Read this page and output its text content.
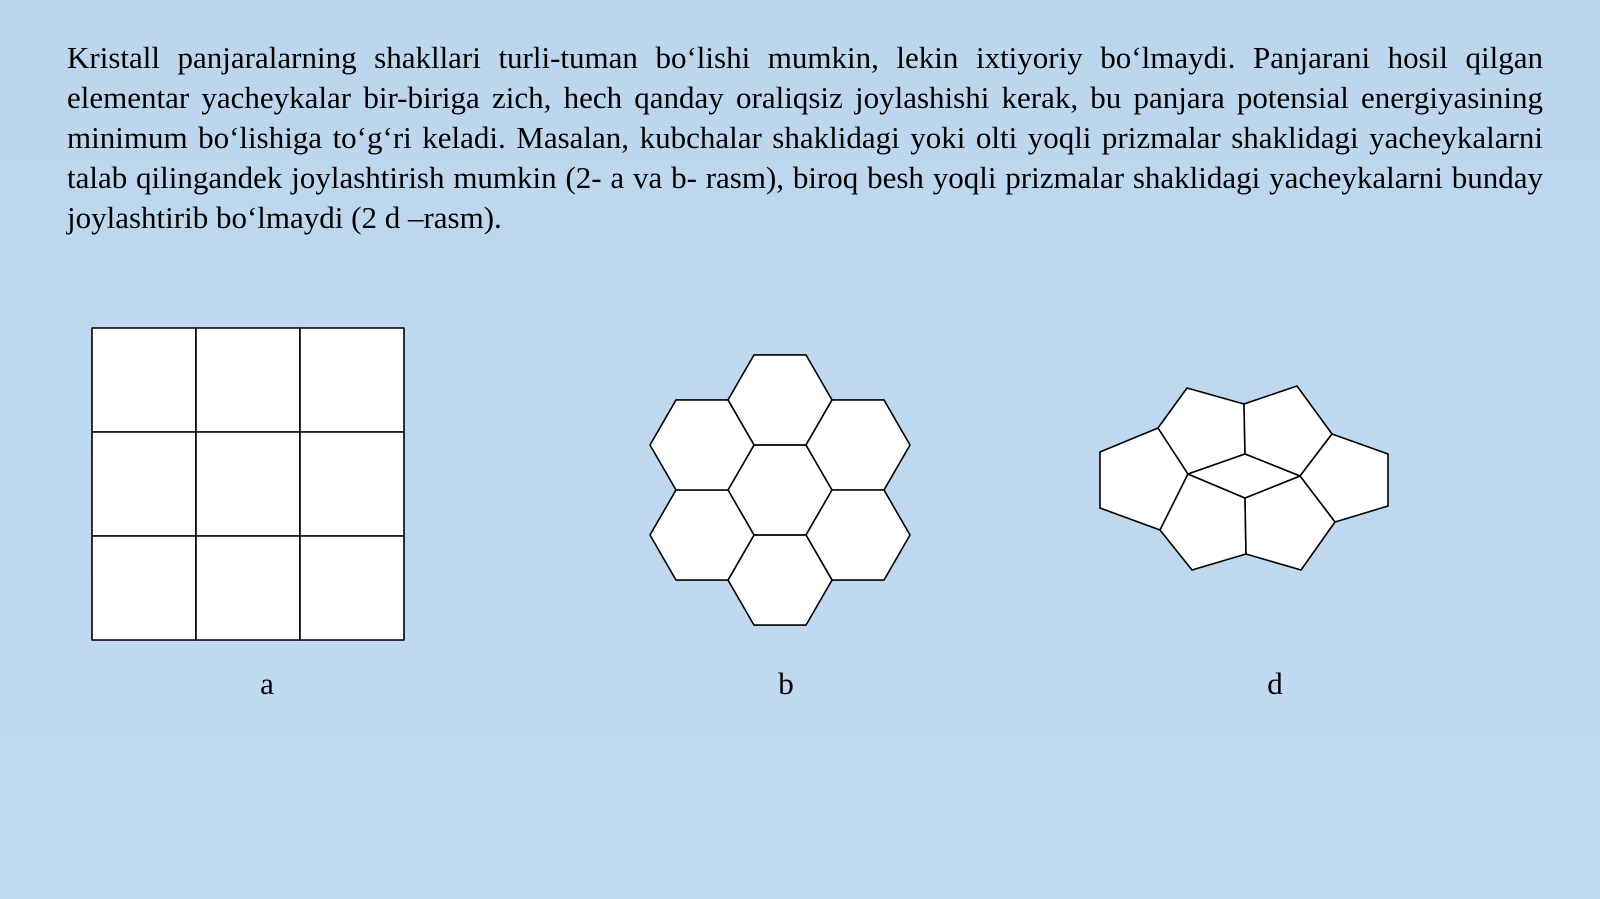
Kristall panjaralarning shakllari turli-tuman bo‘lishi mumkin, lekin ixtiyoriy bo‘lmaydi. Panjarani hosil qilgan elementar yacheykalar bir-biriga zich, hech qanday oraliqsiz joylashishi kerak, bu panjara potensial energiyasining minimum bo‘lishiga to‘g‘ri keladi. Masalan, kubchalar shaklidagi yoki olti yoqli prizmalar shaklidagi yacheykalarni talab qilingandek joylashtirish mumkin (2- a va b- rasm), biroq besh yoqli prizmalar shaklidagi yacheykalarni bunday joylashtirib bo‘lmaydi (2 d –rasm).

a	b	d
